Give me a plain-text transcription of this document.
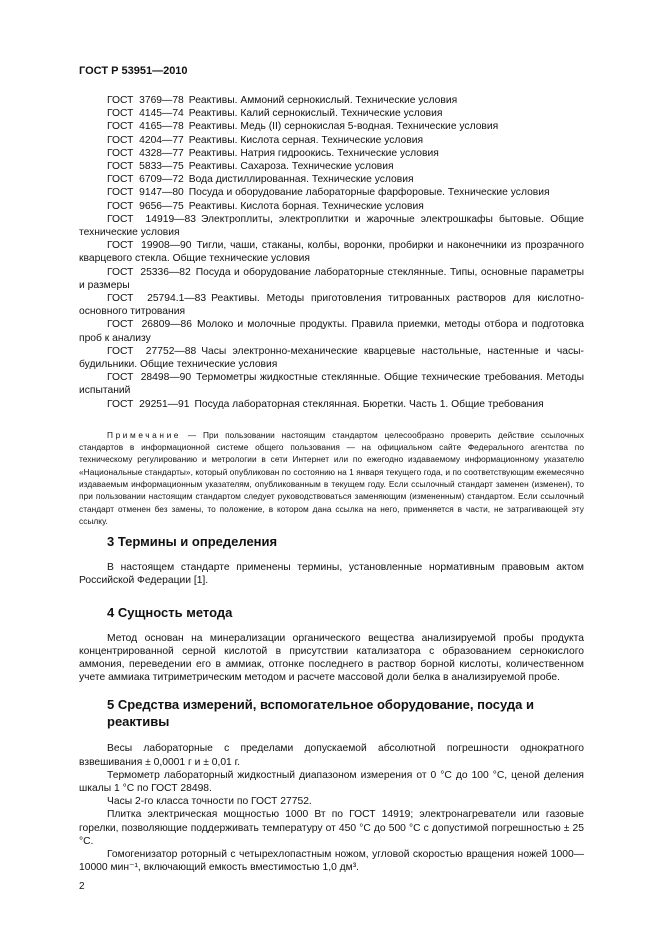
ГОСТ Р 53951—2010

ГОСТ  3769—78 Реактивы. Аммоний сернокислый. Технические условия

ГОСТ  4145—74 Реактивы. Калий сернокислый. Технические условия

ГОСТ  4165—78 Реактивы. Медь (II) сернокислая 5-водная. Технические условия

ГОСТ  4204—77 Реактивы. Кислота серная. Технические условия

ГОСТ  4328—77 Реактивы. Натрия гидроокись. Технические условия

ГОСТ  5833—75 Реактивы. Сахароза. Технические условия

ГОСТ  6709—72 Вода дистиллированная. Технические условия

ГОСТ  9147—80 Посуда и оборудование лабораторные фарфоровые. Технические условия

ГОСТ  9656—75 Реактивы. Кислота борная. Технические условия

ГОСТ  14919—83 Электроплиты, электроплитки и жарочные электрошкафы бытовые. Общие технические условия

ГОСТ  19908—90 Тигли, чаши, стаканы, колбы, воронки, пробирки и наконечники из прозрачного кварцевого стекла. Общие технические условия

ГОСТ  25336—82 Посуда и оборудование лабораторные стеклянные. Типы, основные параметры и размеры

ГОСТ  25794.1—83 Реактивы. Методы приготовления титрованных растворов для кислотно-основного титрования

ГОСТ  26809—86 Молоко и молочные продукты. Правила приемки, методы отбора и подготовка проб к анализу

ГОСТ  27752—88 Часы электронно-механические кварцевые настольные, настенные и часы-будильники. Общие технические условия

ГОСТ  28498—90 Термометры жидкостные стеклянные. Общие технические требования. Методы испытаний

ГОСТ  29251—91 Посуда лабораторная стеклянная. Бюретки. Часть 1. Общие требования

Примечание — При пользовании настоящим стандартом целесообразно проверить действие ссылочных стандартов в информационной системе общего пользования — на официальном сайте Федерального агентства по техническому регулированию и метрологии в сети Интернет или по ежегодно издаваемому информационному указателю «Национальные стандарты», который опубликован по состоянию на 1 января текущего года, и по соответствующим ежемесячно издаваемым информационным указателям, опубликованным в текущем году. Если ссылочный стандарт заменен (изменен), то при пользовании настоящим стандартом следует руководствоваться заменяющим (измененным) стандартом. Если ссылочный стандарт отменен без замены, то положение, в котором дана ссылка на него, применяется в части, не затрагивающей эту ссылку.
3 Термины и определения

В настоящем стандарте применены термины, установленные нормативным правовым актом Российской Федерации [1].

4 Сущность метода

Метод основан на минерализации органического вещества анализируемой пробы продукта концентрированной серной кислотой в присутствии катализатора с образованием сернокислого аммония, переведении его в аммиак, отгонке последнего в раствор борной кислоты, количественном учете аммиака титриметрическим методом и расчете массовой доли белка в анализируемой пробе.

5 Средства измерений, вспомогательное оборудование, посуда и реактивы

Весы лабораторные с пределами допускаемой абсолютной погрешности однократного взвешивания ± 0,0001 г и ± 0,01 г.

Термометр лабораторный жидкостный диапазоном измерения от 0 °С до 100 °С, ценой деления шкалы 1 °С по ГОСТ 28498.

Часы 2-го класса точности по ГОСТ 27752.

Плитка электрическая мощностью 1000 Вт по ГОСТ 14919; электронагреватели или газовые горелки, позволяющие поддерживать температуру от 450 °С до 500 °С с допустимой погрешностью ± 25 °С.

Гомогенизатор роторный с четырехлопастным ножом, угловой скоростью вращения ножей 1000—10000 мин⁻¹, включающий емкость вместимостью 1,0 дм³.

2
